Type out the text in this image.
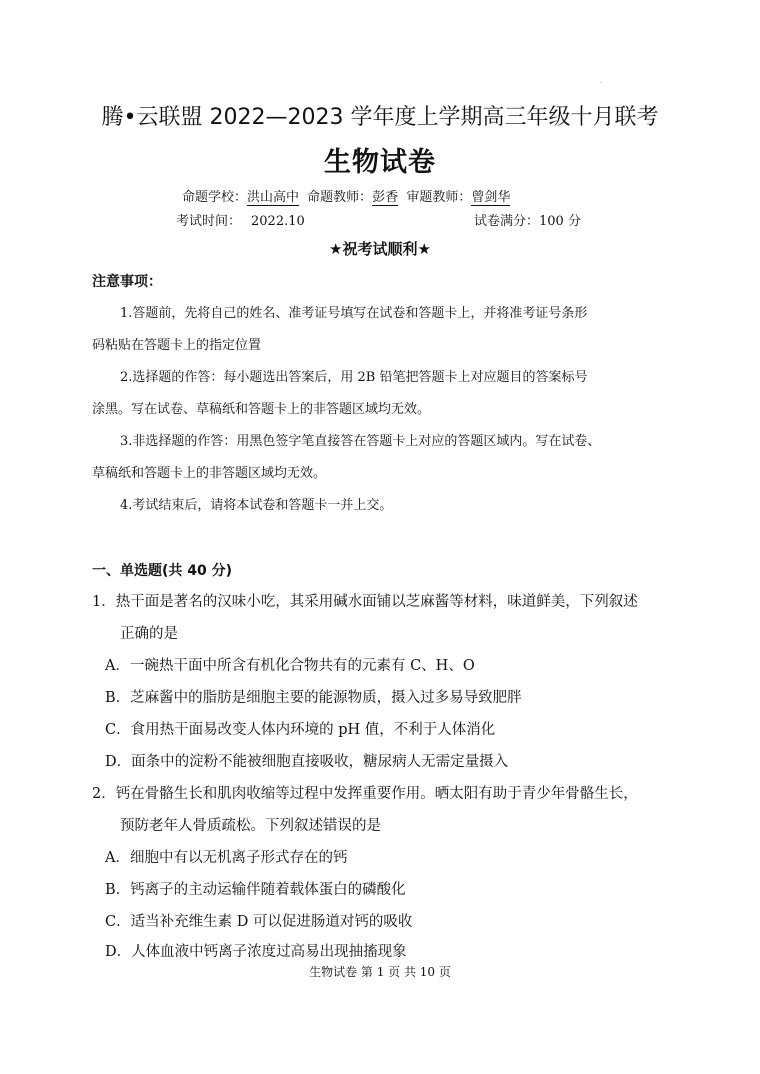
.
腾•云联盟 2022—2023 学年度上学期高三年级十月联考
生物试卷
命题学校：洪山高中 命题教师：彭香 审题教师：曾剑华
考试时间： 2022.10	试卷满分：100 分
★祝考试顺利★
注意事项：
1.答题前，先将自己的姓名、准考证号填写在试卷和答题卡上，并将准考证号条形
码粘贴在答题卡上的指定位置
2.选择题的作答：每小题选出答案后，用 2B 铅笔把答题卡上对应题目的答案标号
涂黑。写在试卷、草稿纸和答题卡上的非答题区域均无效。
3.非选择题的作答：用黑色签字笔直接答在答题卡上对应的答题区域内。写在试卷、
草稿纸和答题卡上的非答题区域均无效。
4.考试结束后，请将本试卷和答题卡一并上交。
一、单选题(共 40 分)
1．热干面是著名的汉味小吃，其采用碱水面铺以芝麻酱等材料，味道鲜美，下列叙述
正确的是
A．一碗热干面中所含有机化合物共有的元素有 C、H、O
B．芝麻酱中的脂肪是细胞主要的能源物质，摄入过多易导致肥胖
C．食用热干面易改变人体内环境的 pH 值，不利于人体消化
D．面条中的淀粉不能被细胞直接吸收，糖尿病人无需定量摄入
2．钙在骨骼生长和肌肉收缩等过程中发挥重要作用。晒太阳有助于青少年骨骼生长，
预防老年人骨质疏松。下列叙述错误的是
A．细胞中有以无机离子形式存在的钙
B．钙离子的主动运输伴随着载体蛋白的磷酸化
C．适当补充维生素 D 可以促进肠道对钙的吸收
D．人体血液中钙离子浓度过高易出现抽搐现象
生物试卷 第 1 页 共 10 页
